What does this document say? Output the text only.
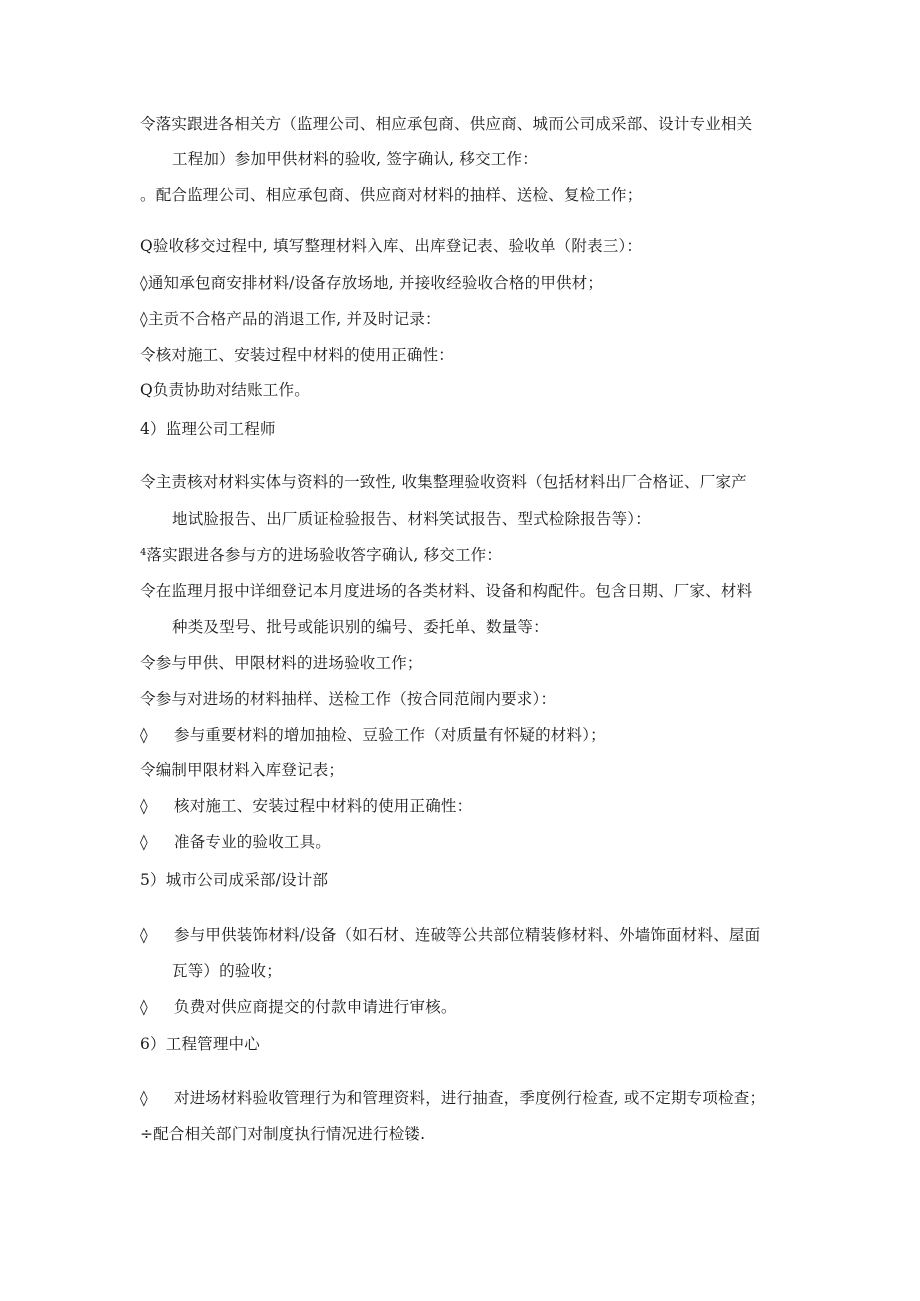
令落实跟进各相关方（监理公司、相应承包商、供应商、城而公司成采部、设计专业相关
工程加）参加甲供材料的验收, 签字确认, 移交工作：
。配合监理公司、相应承包商、供应商对材料的抽样、送检、复检工作；
Q验收移交过程中, 填写整理材料入库、出库登记表、验收单（附表三）：
◊通知承包商安排材料/设备存放场地, 并接收经验收合格的甲供材；
◊主贡不合格产品的消退工作, 并及时记录：
令核对施工、安装过程中材料的使用正确性：
Q负责协助对结账工作。
4）监理公司工程师
令主责核对材料实体与资料的一致性, 收集整理验收资料（包括材料出厂合格证、厂家产
地试脸报告、出厂质证检验报告、材料笑试报告、型式检除报告等）：
⁴落实跟进各参与方的进场验收答字确认, 移交工作：
令在监理月报中详细登记本月度进场的各类材料、设备和构配件。包含日期、厂家、材料
种类及型号、批号或能识别的编号、委托单、数量等：
令参与甲供、甲限材料的进场验收工作；
令参与对进场的材料抽样、送检工作（按合同范闹内要求）：
◊ 参与重要材料的增加抽检、豆验工作（对质量有怀疑的材料）；
令编制甲限材料入库登记表；
◊ 核对施工、安装过程中材料的使用正确性：
◊ 准备专业的验收工具。
5）城市公司成采部/设计部
◊ 参与甲供装饰材料/设备（如石材、连破等公共部位精装修材料、外墙饰面材料、屋面
瓦等）的验收；
◊ 负费对供应商提交的付款申请进行审核。
6）工程管理中心
◊ 对进场材料验收管理行为和管理资料，进行抽查，季度例行检查, 或不定期专项检查；
÷配合相关部门对制度执行情况进行检镂.
